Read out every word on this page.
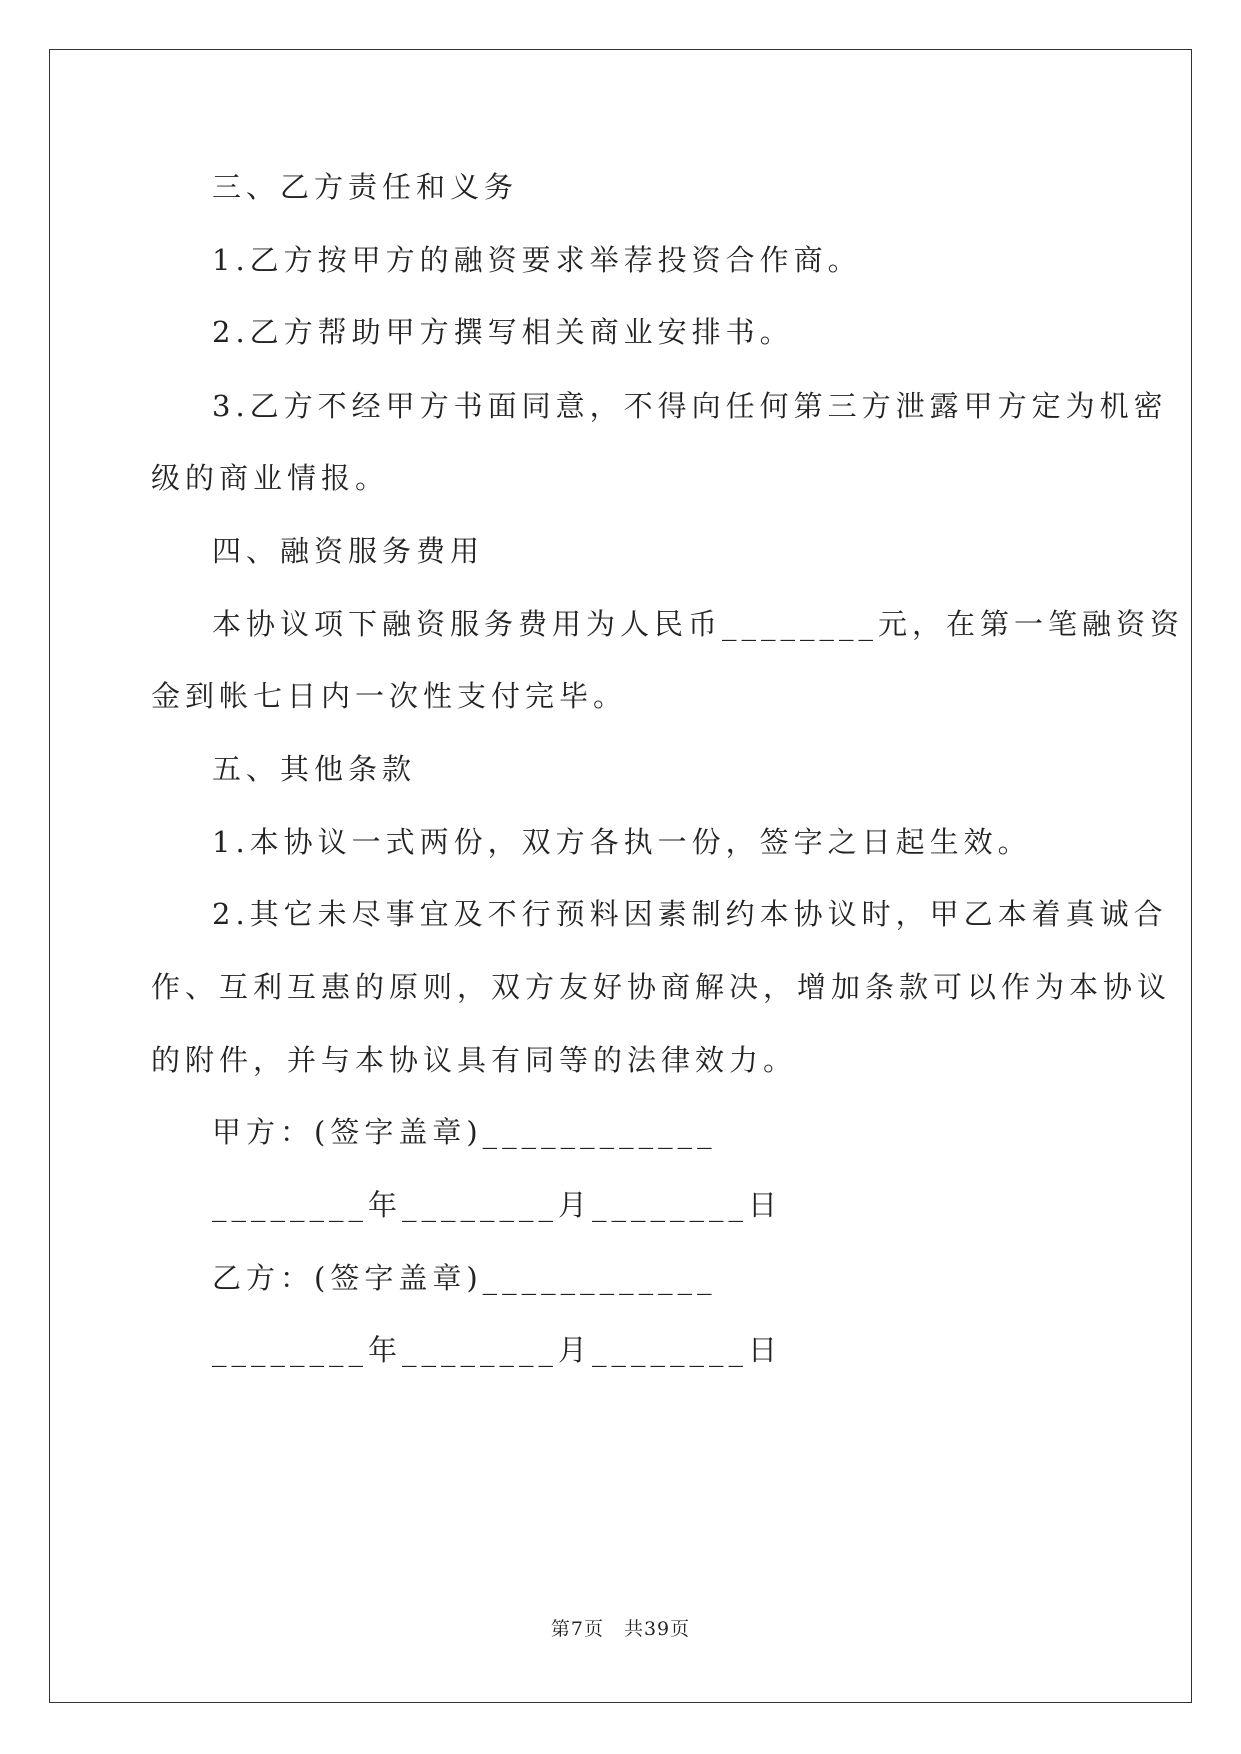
三、乙方责任和义务
1.乙方按甲方的融资要求举荐投资合作商。
2.乙方帮助甲方撰写相关商业安排书。
3.乙方不经甲方书面同意，不得向任何第三方泄露甲方定为机密
级的商业情报。
四、融资服务费用
本协议项下融资服务费用为人民币________元，在第一笔融资资
金到帐七日内一次性支付完毕。
五、其他条款
1.本协议一式两份，双方各执一份，签字之日起生效。
2.其它未尽事宜及不行预料因素制约本协议时，甲乙本着真诚合
作、互利互惠的原则，双方友好协商解决，增加条款可以作为本协议
的附件，并与本协议具有同等的法律效力。
甲方：(签字盖章)____________
________年________月________日
乙方：(签字盖章)____________
________年________月________日
第7页 共39页
